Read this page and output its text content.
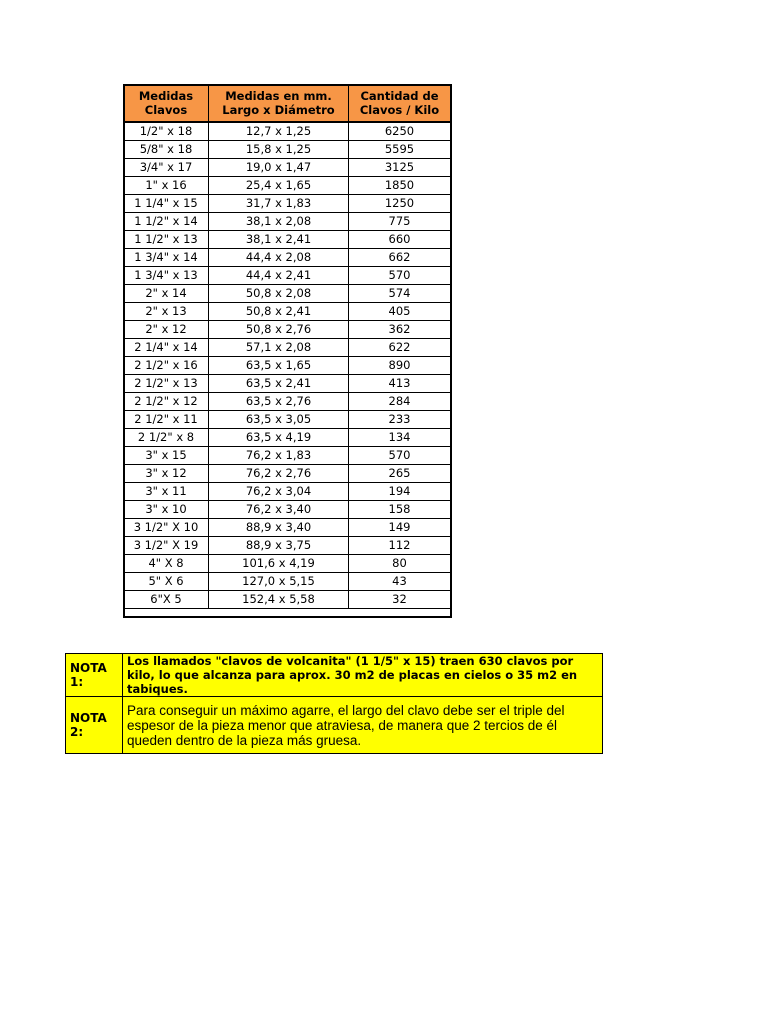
Medidas Clavos	Medidas en mm. Largo x Diámetro	Cantidad de Clavos / Kilo
1/2" x 18	12,7 x 1,25	6250
5/8" x 18	15,8 x 1,25	5595
3/4" x 17	19,0 x 1,47	3125
1" x 16	25,4 x 1,65	1850
1 1/4" x 15	31,7 x 1,83	1250
1 1/2" x 14	38,1 x 2,08	775
1 1/2" x 13	38,1 x 2,41	660
1 3/4" x 14	44,4 x 2,08	662
1 3/4" x 13	44,4 x 2,41	570
2" x 14	50,8 x 2,08	574
2" x 13	50,8 x 2,41	405
2" x 12	50,8 x 2,76	362
2 1/4" x 14	57,1 x 2,08	622
2 1/2" x 16	63,5 x 1,65	890
2 1/2" x 13	63,5 x 2,41	413
2 1/2" x 12	63,5 x 2,76	284
2 1/2" x 11	63,5 x 3,05	233
2 1/2" x 8	63,5 x 4,19	134
3" x 15	76,2 x 1,83	570
3" x 12	76,2 x 2,76	265
3" x 11	76,2 x 3,04	194
3" x 10	76,2 x 3,40	158
3 1/2" X 10	88,9 x 3,40	149
3 1/2" X 19	88,9 x 3,75	112
4" X 8	101,6 x 4,19	80
5" X 6	127,0 x 5,15	43
6"X 5	152,4 x 5,58	32
NOTA 1:	Los llamados "clavos de volcanita" (1 1/5" x 15) traen 630 clavos por kilo, lo que alcanza para aprox. 30 m2 de placas en cielos o 35 m2 en tabiques.
NOTA 2:	Para conseguir un máximo agarre, el largo del clavo debe ser el triple del espesor de la pieza menor que atraviesa, de manera que 2 tercios de él queden dentro de la pieza más gruesa.
